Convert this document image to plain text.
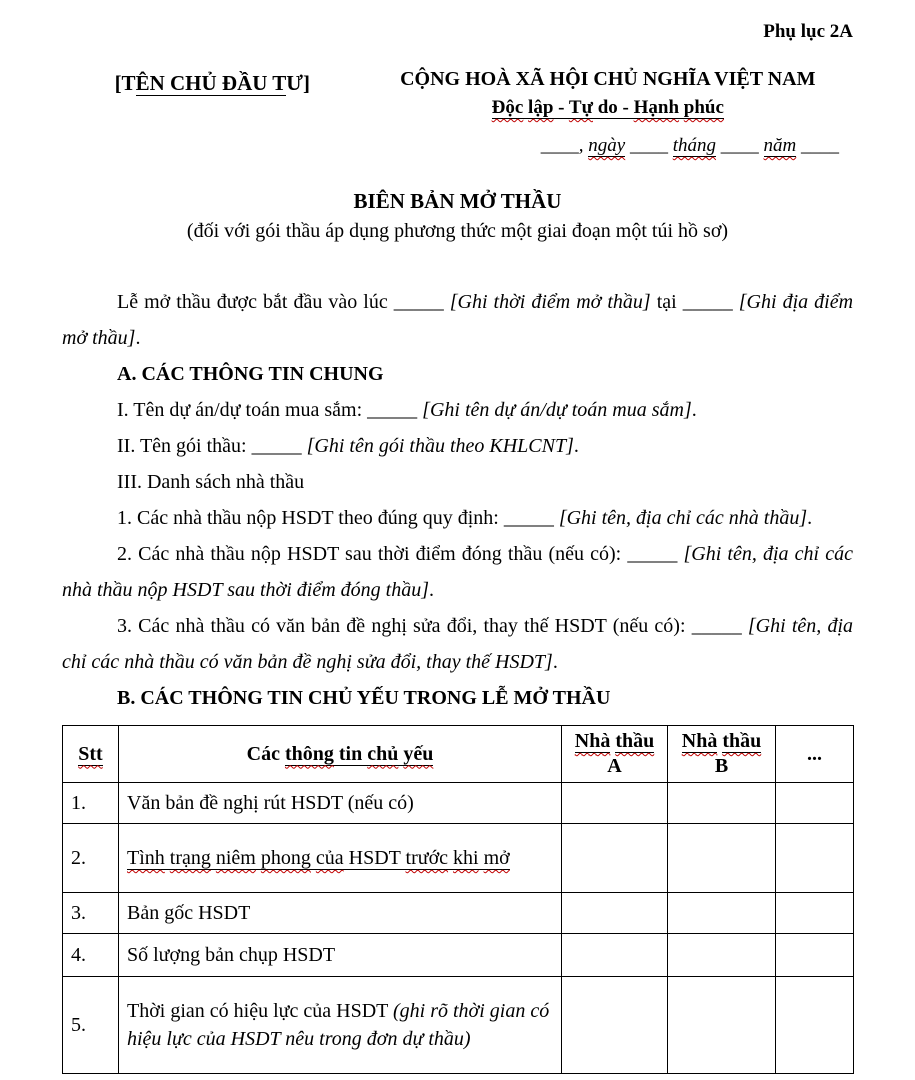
Phụ lục 2A
[TÊN CHỦ ĐẦU TƯ]	CỘNG HOÀ XÃ HỘI CHỦ NGHĨA VIỆT NAM
Độc lập - Tự do - Hạnh phúc
____, ngày ____ tháng ____ năm ____
BIÊN BẢN MỞ THẦU
(đối với gói thầu áp dụng phương thức một giai đoạn một túi hồ sơ)

Lễ mở thầu được bắt đầu vào lúc _____ [Ghi thời điểm mở thầu] tại _____ [Ghi địa điểm mở thầu].

A. CÁC THÔNG TIN CHUNG

I. Tên dự án/dự toán mua sắm: _____ [Ghi tên dự án/dự toán mua sắm].

II. Tên gói thầu: _____ [Ghi tên gói thầu theo KHLCNT].

III. Danh sách nhà thầu

1. Các nhà thầu nộp HSDT theo đúng quy định: _____ [Ghi tên, địa chỉ các nhà thầu].

2. Các nhà thầu nộp HSDT sau thời điểm đóng thầu (nếu có): _____ [Ghi tên, địa chỉ các nhà thầu nộp HSDT sau thời điểm đóng thầu].

3. Các nhà thầu có văn bản đề nghị sửa đổi, thay thế HSDT (nếu có): _____ [Ghi tên, địa chỉ các nhà thầu có văn bản đề nghị sửa đổi, thay thế HSDT].

B. CÁC THÔNG TIN CHỦ YẾU TRONG LỄ MỞ THẦU

Stt	Các thông tin chủ yếu	Nhà thầu A	Nhà thầu B	...
1.	Văn bản đề nghị rút HSDT (nếu có)			
2.	Tình trạng niêm phong của HSDT trước khi mở			
3.	Bản gốc HSDT			
4.	Số lượng bản chụp HSDT			
5.	Thời gian có hiệu lực của HSDT (ghi rõ thời gian có hiệu lực của HSDT nêu trong đơn dự thầu)			
